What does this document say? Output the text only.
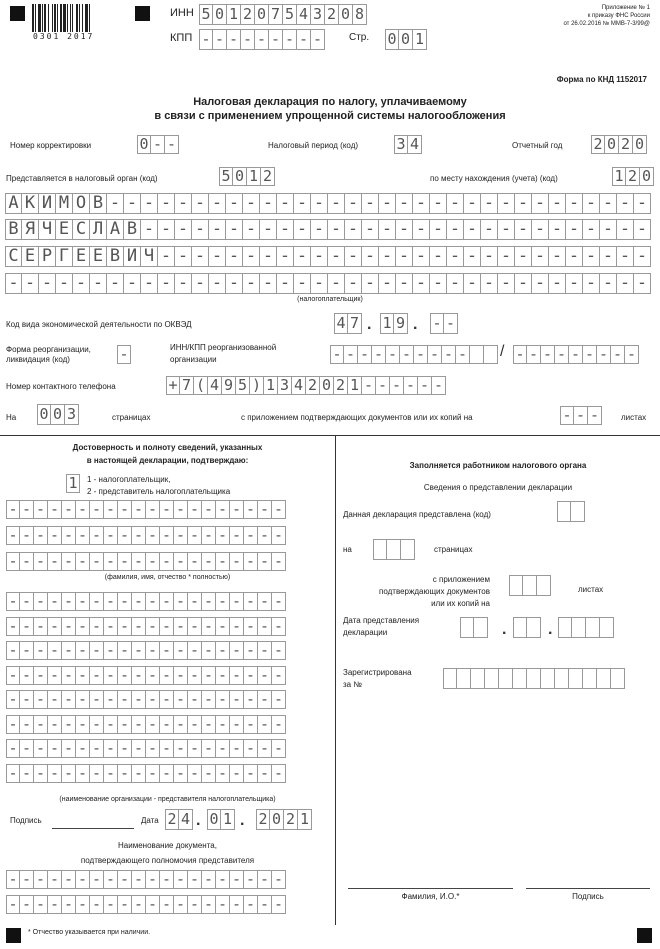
0301 2017
ИНН 5 0 1 2 0 7 5 4 3 2 0 8
КПП - - - - - - - - -	Стр. 0 0 1
Приложение № 1
к приказу ФНС России
от 26.02.2016 № ММВ-7-3/99@
Форма по КНД 1152017
Налоговая декларация по налогу, уплачиваемому
в связи с применением упрощенной системы налогообложения
Номер корректировки	0 - -	Налоговый период (код)	3 4	Отчетный год 2 0 2 0
Представляется в налоговый орган (код)	5 0 1 2	по месту нахождения (учета) (код)	1 2 0
А К И М О В - - - - - - - - - - - - - - - - - - - - - - - - - - - - - - - -
В Я Ч Е С Л А В - - - - - - - - - - - - - - - - - - - - - - - - - - - - - -
С Е Р Г Е Е В И Ч - - - - - - - - - - - - - - - - - - - - - - - - - - - - -
- - - - - - - - - - - - - - - - - - - - - - - - - - - - - - - - - - - - - -
(налогоплательщик)
Код вида экономической деятельности по ОКВЭД	4 7 . 1 9 . - -
Форма реорганизации,
ликвидация (код)	-	ИНН/КПП реорганизованной
организации	- - - - - - - - - - / - - - - - - - - -
Номер контактного телефона	+ 7 ( 4 9 5 ) 1 3 4 2 0 2 1 - - - - - -
На 0 0 3	страницах	с приложением подтверждающих документов или их копий на	- - -	листах
Достоверность и полноту сведений, указанных
в настоящей декларации, подтверждаю:
1	1 - налогоплательщик,
2 - представитель налогоплательщика
- - - - - - - - - - - - - - - - - - - -
- - - - - - - - - - - - - - - - - - - -
- - - - - - - - - - - - - - - - - - - -
(фамилия, имя, отчество * полностью)
- - - - - - - - - - - - - - - - - - - -
- - - - - - - - - - - - - - - - - - - -
- - - - - - - - - - - - - - - - - - - -
- - - - - - - - - - - - - - - - - - - -
- - - - - - - - - - - - - - - - - - - -
- - - - - - - - - - - - - - - - - - - -
- - - - - - - - - - - - - - - - - - - -
- - - - - - - - - - - - - - - - - - - -
(наименование организации - представителя налогоплательщика)
Подпись	Дата 2 4 . 0 1 . 2 0 2 1
Наименование документа,
подтверждающего полномочия представителя
- - - - - - - - - - - - - - - - - - - -
- - - - - - - - - - - - - - - - - - - -
* Отчество указывается при наличии.
Заполняется работником налогового органа
Сведения о представлении декларации
Данная декларация представлена (код)
на	страницах
с приложением
подтверждающих документов
или их копий на
листах
Дата представления
декларации	.	.
Зарегистрирована
за №
Фамилия, И.О.*	Подпись
